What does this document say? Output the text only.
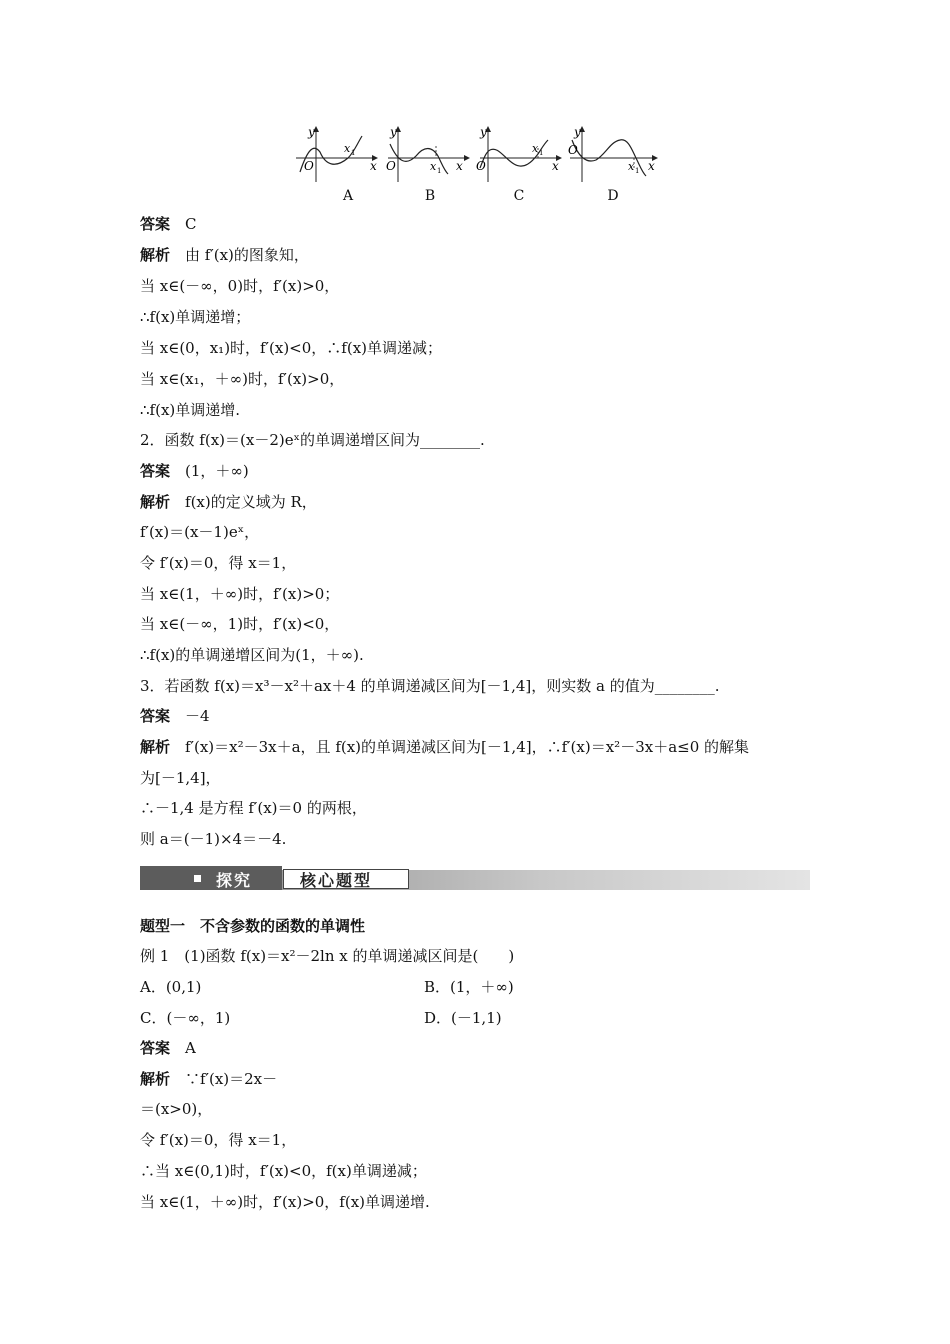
y
O
x 1
x
y
O	x 1 x
y
O
x 1
x
y
O
x 1 x
A	B	C	D
答案　C
解析　由 f′(x)的图象知，
当 x∈(－∞，0)时，f′(x)>0，
∴f(x)单调递增；
当 x∈(0，x₁)时，f′(x)<0，∴f(x)单调递减；
当 x∈(x₁，＋∞)时，f′(x)>0，
∴f(x)单调递增.
2．函数 f(x)＝(x－2)eˣ的单调递增区间为________.
答案　(1，＋∞)
解析　f(x)的定义域为 R，
f′(x)＝(x－1)eˣ，
令 f′(x)＝0，得 x＝1，
当 x∈(1，＋∞)时，f′(x)>0；
当 x∈(－∞，1)时，f′(x)<0，
∴f(x)的单调递增区间为(1，＋∞).
3．若函数 f(x)＝x³－x²＋ax＋4 的单调递减区间为[－1,4]，则实数 a 的值为________.
答案　－4
解析　f′(x)＝x²－3x＋a，且 f(x)的单调递减区间为[－1,4]，∴f′(x)＝x²－3x＋a≤0 的解集
为[－1,4]，
∴－1,4 是方程 f′(x)＝0 的两根，
则 a＝(－1)×4＝－4.
探究	核心题型
题型一　不含参数的函数的单调性
例 1　(1)函数 f(x)＝x²－2ln x 的单调递减区间是(　　)
A．(0,1)	B．(1，＋∞)
C．(－∞，1)	D．(－1,1)
答案　A
解析　∵f′(x)＝2x－
＝(x>0)，
令 f′(x)＝0，得 x＝1，
∴当 x∈(0,1)时，f′(x)<0，f(x)单调递减；
当 x∈(1，＋∞)时，f′(x)>0，f(x)单调递增.
